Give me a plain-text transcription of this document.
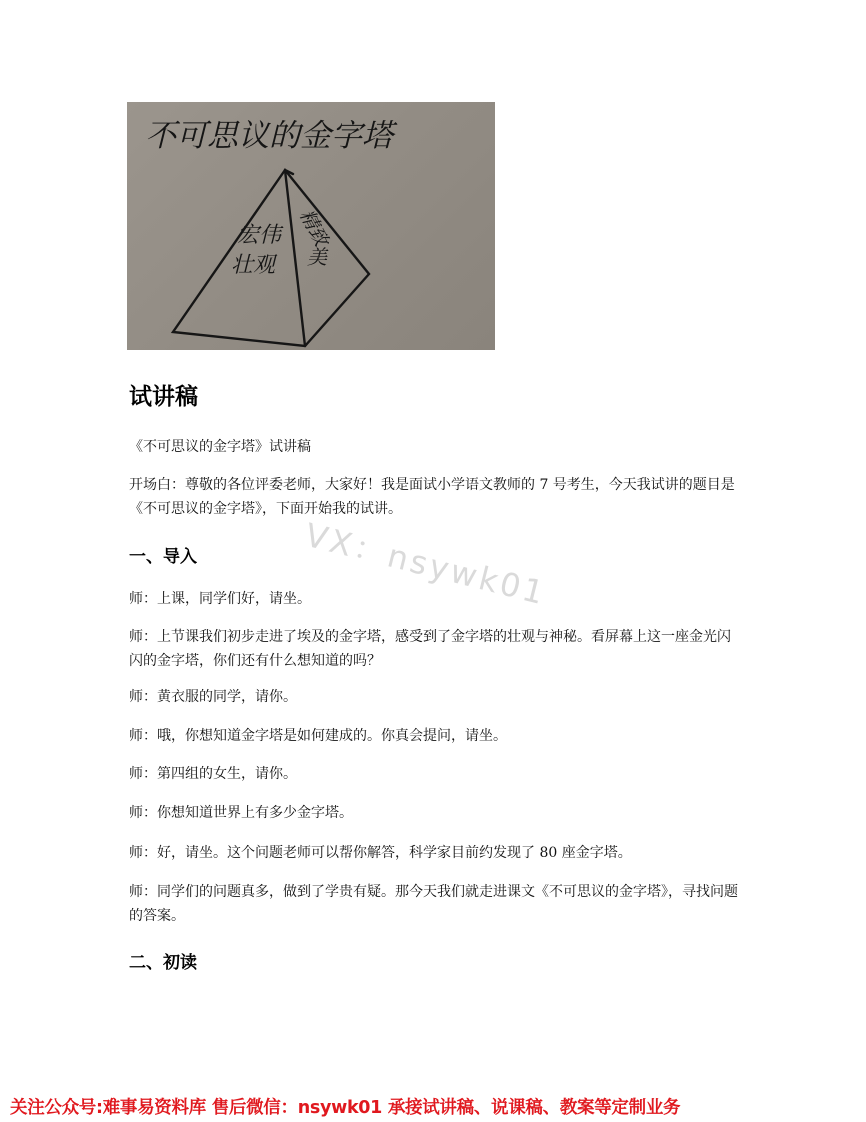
不可思议的金字塔
宏伟
壮观
精致
美
试讲稿

《不可思议的金字塔》试讲稿

开场白：尊敬的各位评委老师，大家好！我是面试小学语文教师的 7 号考生，今天我试讲的题目是《不可思议的金字塔》，下面开始我的试讲。

一、导入

师：上课，同学们好，请坐。

师：上节课我们初步走进了埃及的金字塔，感受到了金字塔的壮观与神秘。看屏幕上这一座金光闪闪的金字塔，你们还有什么想知道的吗？

师：黄衣服的同学，请你。

师：哦，你想知道金字塔是如何建成的。你真会提问，请坐。

师：第四组的女生，请你。

师：你想知道世界上有多少金字塔。

师：好，请坐。这个问题老师可以帮你解答，科学家目前约发现了 80 座金字塔。

师：同学们的问题真多，做到了学贵有疑。那今天我们就走进课文《不可思议的金字塔》，寻找问题的答案。

二、初读
VX：nsywk01
关注公众号:难事易资料库 售后微信：nsywk01 承接试讲稿、说课稿、教案等定制业务
